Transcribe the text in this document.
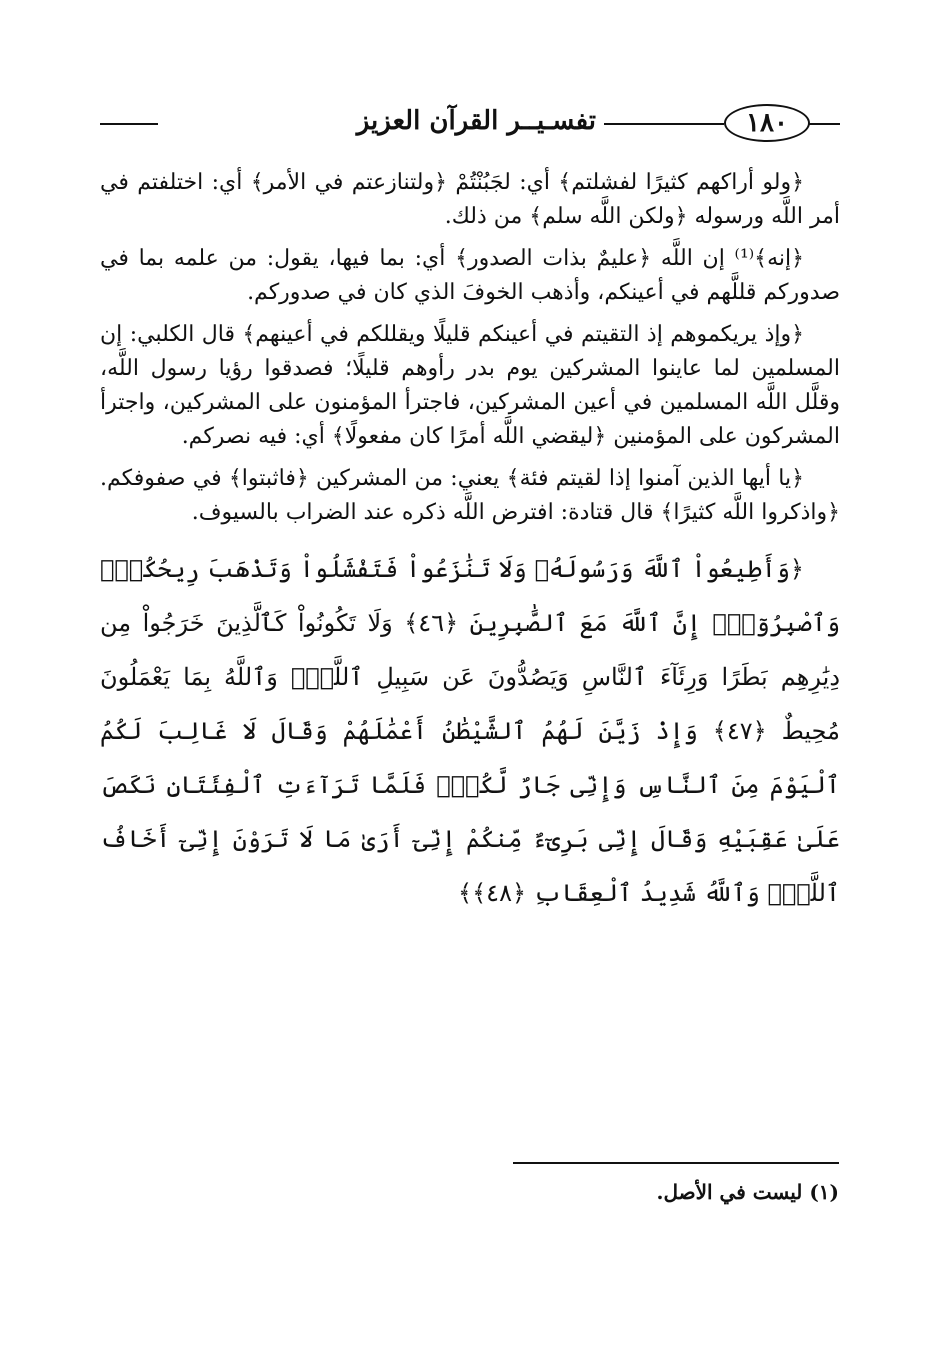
١٨٠
تفسـيــر القرآن العزيز

﴿ولو أراكهم كثيرًا لفشلتم﴾ أي: لجَبُنْتُمْ ﴿ولتنازعتم في الأمر﴾ أي: اختلفتم في أمر اللَّه ورسوله ﴿ولكن اللَّه سلم﴾ من ذلك.

﴿إنه﴾⁽¹⁾ إن اللَّه ﴿عليمٌ بذات الصدور﴾ أي: بما فيها، يقول: من علمه بما في صدوركم قللَّهم في أعينكم، وأذهب الخوفَ الذي كان في صدوركم.

﴿وإذ يريكموهم إذ التقيتم في أعينكم قليلًا ويقللكم في أعينهم﴾ قال الكلبي: إن المسلمين لما عاينوا المشركين يوم بدر رأوهم قليلًا؛ فصدقوا رؤيا رسول اللَّه، وقلَّل اللَّه المسلمين في أعين المشركين، فاجترأ المؤمنون على المشركين، واجترأ المشركون على المؤمنين ﴿ليقضي اللَّه أمرًا كان مفعولًا﴾ أي: فيه نصركم.

﴿يا أيها الذين آمنوا إذا لقيتم فئة﴾ يعني: من المشركين ﴿فاثبتوا﴾ في صفوفكم. ﴿واذكروا اللَّه كثيرًا﴾ قال قتادة: افترض اللَّه ذكره عند الضراب بالسيوف.

﴿وَأَطِيعُواْ ٱللَّهَ وَرَسُولَهُۥ وَلَا تَنَٰزَعُواْ فَتَفْشَلُواْ وَتَذْهَبَ رِيحُكُمْۖ وَٱصْبِرُوٓاْۚ إِنَّ ٱللَّهَ مَعَ ٱلصَّٰبِرِينَ ﴿٤٦﴾ وَلَا تَكُونُواْ كَٱلَّذِينَ خَرَجُواْ مِن دِيَٰرِهِم بَطَرًا وَرِئَآءَ ٱلنَّاسِ وَيَصُدُّونَ عَن سَبِيلِ ٱللَّهِۚ وَٱللَّهُ بِمَا يَعْمَلُونَ مُحِيطٌ ﴿٤٧﴾ وَإِذْ زَيَّنَ لَهُمُ ٱلشَّيْطَٰنُ أَعْمَٰلَهُمْ وَقَالَ لَا غَالِبَ لَكُمُ ٱلْيَوْمَ مِنَ ٱلنَّاسِ وَإِنِّى جَارٌ لَّكُمْۖ فَلَمَّا تَرَآءَتِ ٱلْفِئَتَانِ نَكَصَ عَلَىٰ عَقِبَيْهِ وَقَالَ إِنِّى بَرِىٓءٌ مِّنكُمْ إِنِّىٓ أَرَىٰ مَا لَا تَرَوْنَ إِنِّىٓ أَخَافُ ٱللَّهَۚ وَٱللَّهُ شَدِيدُ ٱلْعِقَابِ ﴿٤٨﴾﴾
(١) ليست في الأصل.
